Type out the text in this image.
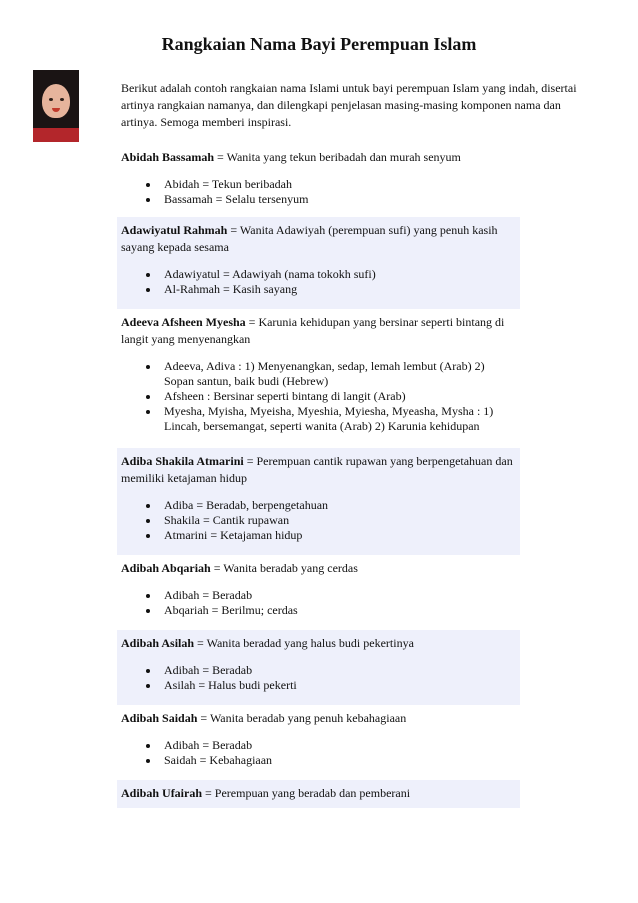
Rangkaian Nama Bayi Perempuan Islam

Berikut adalah contoh rangkaian nama Islami untuk bayi perempuan Islam yang indah, disertai artinya rangkaian namanya, dan dilengkapi penjelasan masing-masing komponen nama dan artinya. Semoga memberi inspirasi.

Abidah Bassamah = Wanita yang tekun beribadah dan murah senyum

Abidah = Tekun beribadah
Bassamah = Selalu tersenyum

Adawiyatul Rahmah = Wanita Adawiyah (perempuan sufi) yang penuh kasih sayang kepada sesama

Adawiyatul = Adawiyah (nama tokokh sufi)
Al-Rahmah = Kasih sayang

Adeeva Afsheen Myesha = Karunia kehidupan yang bersinar seperti bintang di langit yang menyenangkan

Adeeva, Adiva : 1) Menyenangkan, sedap, lemah lembut (Arab) 2) Sopan santun, baik budi (Hebrew)
Afsheen : Bersinar seperti bintang di langit (Arab)
Myesha, Myisha, Myeisha, Myeshia, Myiesha, Myeasha, Mysha : 1) Lincah, bersemangat, seperti wanita (Arab) 2) Karunia kehidupan

Adiba Shakila Atmarini = Perempuan cantik rupawan yang berpengetahuan dan memiliki ketajaman hidup

Adiba = Beradab, berpengetahuan
Shakila = Cantik rupawan
Atmarini = Ketajaman hidup

Adibah Abqariah = Wanita beradab yang cerdas

Adibah = Beradab
Abqariah = Berilmu; cerdas

Adibah Asilah = Wanita beradad yang halus budi pekertinya

Adibah = Beradab
Asilah = Halus budi pekerti

Adibah Saidah = Wanita beradab yang penuh kebahagiaan

Adibah = Beradab
Saidah = Kebahagiaan

Adibah Ufairah = Perempuan yang beradab dan pemberani
